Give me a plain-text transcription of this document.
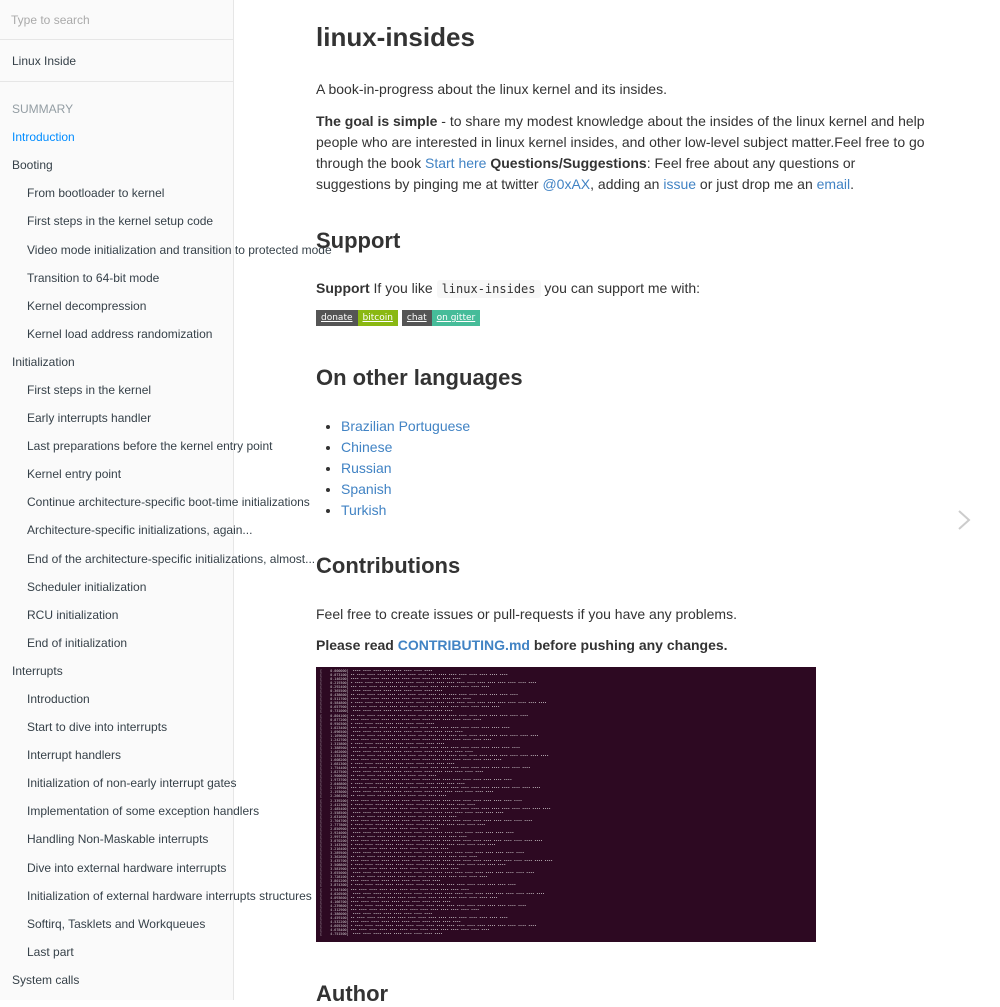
Type to search
Linux Inside
SUMMARY
Introduction
Booting
From bootloader to kernel
First steps in the kernel setup code
Video mode initialization and transition to protected mode
Transition to 64-bit mode
Kernel decompression
Kernel load address randomization
Initialization
First steps in the kernel
Early interrupts handler
Last preparations before the kernel entry point
Kernel entry point
Continue architecture-specific boot-time initializations
Architecture-specific initializations, again...
End of the architecture-specific initializations, almost...
Scheduler initialization
RCU initialization
End of initialization
Interrupts
Introduction
Start to dive into interrupts
Interrupt handlers
Initialization of non-early interrupt gates
Implementation of some exception handlers
Handling Non-Maskable interrupts
Dive into external hardware interrupts
Initialization of external hardware interrupts structures
Softirq, Tasklets and Workqueues
Last part
System calls
linux-insides

A book-in-progress about the linux kernel and its insides.

The goal is simple - to share my modest knowledge about the insides of the linux kernel and help people who are interested in linux kernel insides, and other low-level subject matter.Feel free to go through the book Start here Questions/Suggestions: Feel free about any questions or suggestions by pinging me at twitter @0xAX, adding an issue or just drop me an email.

Support

Support If you like linux-insides you can support me with:

donate	bitcoin	chat	on gitter
On other languages
• Brazilian Portuguese
• Chinese
• Russian
• Spanish
• Turkish
Contributions

Feel free to create issues or pull-requests if you have any problems.

Please read CONTRIBUTING.md before pushing any changes.

[    0.000000]  •••• •••• •••• •••• •••• •••• •••• ••••
[    0.073100] •• •••• •••• •••• •••• •••• •••• •••• •••• •••• •••• •••• •••• •••• •••• ••••
[    0.146200] •••• •••• •••• •••• •••• •••• •••• •••• •••• •••• ••••
[    0.219300] • •••• •••• •••• •••• •••• •••• •••• •••• •••• •••• •••• •••• •••• •••• •••• •••• •••• ••••
[    0.292400] ••• •••• •••• •••• •••• •••• •••• •••• •••• •••• •••• •••• •••• ••••
[    0.365500]  •••• •••• •••• •••• •••• •••• •••• •••• ••••
[    0.438600] •• •••• •••• •••• •••• •••• •••• •••• •••• •••• •••• •••• •••• •••• •••• •••• ••••
[    0.511700] •••• •••• •••• •••• •••• •••• •••• •••• •••• •••• •••• ••••
[    0.584800] • •••• •••• •••• •••• •••• •••• •••• •••• •••• •••• •••• •••• •••• •••• •••• •••• •••• •••• ••••
[    0.657900] ••• •••• •••• •••• •••• •••• •••• •••• •••• •••• •••• •••• •••• •••• ••••
[    0.731000]  •••• •••• •••• •••• •••• •••• •••• •••• •••• ••••
[    0.804100] •• •••• •••• •••• •••• •••• •••• •••• •••• •••• •••• •••• •••• •••• •••• •••• •••• ••••
[    0.877200] •••• •••• •••• •••• •••• •••• •••• •••• •••• •••• •••• •••• ••••
[    0.950300] • •••• •••• •••• •••• •••• •••• •••• ••••
[    1.023400] ••• •••• •••• •••• •••• •••• •••• •••• •••• •••• •••• •••• •••• •••• •••• ••••
[    1.096500]  •••• •••• •••• •••• •••• •••• •••• •••• •••• •••• ••••
[    1.169600] •• •••• •••• •••• •••• •••• •••• •••• •••• •••• •••• •••• •••• •••• •••• •••• •••• •••• ••••
[    1.242700] •••• •••• •••• •••• •••• •••• •••• •••• •••• •••• •••• •••• •••• ••••
[    1.315800] • •••• •••• •••• •••• •••• •••• •••• •••• ••••
[    1.388900] ••• •••• •••• •••• •••• •••• •••• •••• •••• •••• •••• •••• •••• •••• •••• •••• ••••
[    1.462000]  •••• •••• •••• •••• •••• •••• •••• •••• •••• •••• •••• ••••
[    1.535100] •• •••• •••• •••• •••• •••• •••• •••• •••• •••• •••• •••• •••• •••• •••• •••• •••• •••• •••• ••••
[    1.608200] •••• •••• •••• •••• •••• •••• •••• •••• •••• •••• •••• •••• •••• •••• ••••
[    1.681300] • •••• •••• •••• •••• •••• •••• •••• •••• •••• ••••
[    1.754400] ••• •••• •••• •••• •••• •••• •••• •••• •••• •••• •••• •••• •••• •••• •••• •••• •••• ••••
[    1.827500]  •••• •••• •••• •••• •••• •••• •••• •••• •••• •••• •••• •••• ••••
[    1.900600] •• •••• •••• •••• •••• •••• •••• •••• ••••
[    1.973700] •••• •••• •••• •••• •••• •••• •••• •••• •••• •••• •••• •••• •••• •••• •••• ••••
[    2.046800] • •••• •••• •••• •••• •••• •••• •••• •••• •••• •••• ••••
[    2.119900] ••• •••• •••• •••• •••• •••• •••• •••• •••• •••• •••• •••• •••• •••• •••• •••• •••• •••• ••••
[    2.193000]  •••• •••• •••• •••• •••• •••• •••• •••• •••• •••• •••• •••• •••• ••••
[    2.266100] •• •••• •••• •••• •••• •••• •••• •••• •••• ••••
[    2.339200] •••• •••• •••• •••• •••• •••• •••• •••• •••• •••• •••• •••• •••• •••• •••• •••• ••••
[    2.412300] • •••• •••• •••• •••• •••• •••• •••• •••• •••• •••• •••• ••••
[    2.485400] ••• •••• •••• •••• •••• •••• •••• •••• •••• •••• •••• •••• •••• •••• •••• •••• •••• •••• •••• ••••
[    2.558500]  •••• •••• •••• •••• •••• •••• •••• •••• •••• •••• •••• •••• •••• •••• ••••
[    2.631600] •• •••• •••• •••• •••• •••• •••• •••• •••• •••• ••••
[    2.704700] •••• •••• •••• •••• •••• •••• •••• •••• •••• •••• •••• •••• •••• •••• •••• •••• •••• ••••
[    2.777800] • •••• •••• •••• •••• •••• •••• •••• •••• •••• •••• •••• •••• ••••
[    2.850900] ••• •••• •••• •••• •••• •••• •••• •••• ••••
[    2.924000]  •••• •••• •••• •••• •••• •••• •••• •••• •••• •••• •••• •••• •••• •••• •••• ••••
[    2.997100] •• •••• •••• •••• •••• •••• •••• •••• •••• •••• •••• ••••
[    3.070200] •••• •••• •••• •••• •••• •••• •••• •••• •••• •••• •••• •••• •••• •••• •••• •••• •••• •••• ••••
[    3.143300] • •••• •••• •••• •••• •••• •••• •••• •••• •••• •••• •••• •••• •••• ••••
[    3.216400] ••• •••• •••• •••• •••• •••• •••• •••• •••• ••••
[    3.289500]  •••• •••• •••• •••• •••• •••• •••• •••• •••• •••• •••• •••• •••• •••• •••• •••• ••••
[    3.362600] •• •••• •••• •••• •••• •••• •••• •••• •••• •••• •••• •••• ••••
[    3.435700] •••• •••• •••• •••• •••• •••• •••• •••• •••• •••• •••• •••• •••• •••• •••• •••• •••• •••• •••• ••••
[    3.508800] • •••• •••• •••• •••• •••• •••• •••• •••• •••• •••• •••• •••• •••• •••• ••••
[    3.581900] ••• •••• •••• •••• •••• •••• •••• •••• •••• •••• ••••
[    3.655000]  •••• •••• •••• •••• •••• •••• •••• •••• •••• •••• •••• •••• •••• •••• •••• •••• •••• ••••
[    3.728100] •• •••• •••• •••• •••• •••• •••• •••• •••• •••• •••• •••• •••• ••••
[    3.801200] •••• •••• •••• •••• •••• •••• •••• •••• ••••
[    3.874300] • •••• •••• •••• •••• •••• •••• •••• •••• •••• •••• •••• •••• •••• •••• •••• ••••
[    3.947400] ••• •••• •••• •••• •••• •••• •••• •••• •••• •••• •••• ••••
[    4.020500]  •••• •••• •••• •••• •••• •••• •••• •••• •••• •••• •••• •••• •••• •••• •••• •••• •••• •••• ••••
[    4.093600] •• •••• •••• •••• •••• •••• •••• •••• •••• •••• •••• •••• •••• •••• ••••
[    4.166700] •••• •••• •••• •••• •••• •••• •••• •••• •••• ••••
[    4.239800] • •••• •••• •••• •••• •••• •••• •••• •••• •••• •••• •••• •••• •••• •••• •••• •••• ••••
[    4.312900] ••• •••• •••• •••• •••• •••• •••• •••• •••• •••• •••• •••• ••••
[    4.386000]  •••• •••• •••• •••• •••• •••• •••• ••••
[    4.459100] •• •••• •••• •••• •••• •••• •••• •••• •••• •••• •••• •••• •••• •••• •••• ••••
[    4.532200] •••• •••• •••• •••• •••• •••• •••• •••• •••• •••• ••••
[    4.605300] • •••• •••• •••• •••• •••• •••• •••• •••• •••• •••• •••• •••• •••• •••• •••• •••• •••• ••••
[    4.678400] ••• •••• •••• •••• •••• •••• •••• •••• •••• •••• •••• •••• •••• ••••
[    4.751500]  •••• •••• •••• •••• •••• •••• •••• •••• ••••
Author
